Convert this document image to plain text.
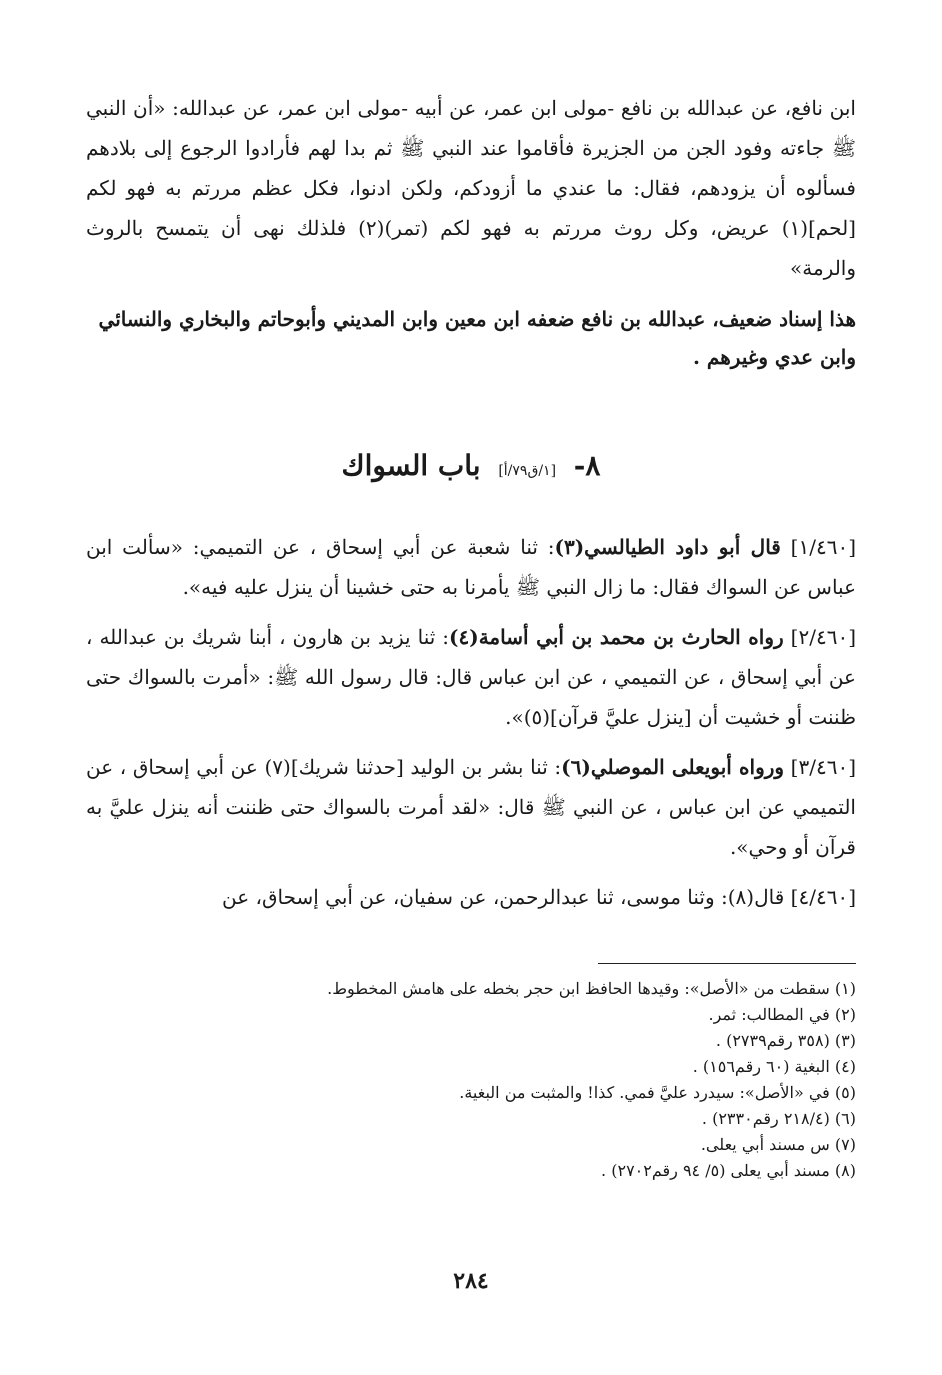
ابن نافع، عن عبدالله بن نافع -مولى ابن عمر، عن أبيه -مولى ابن عمر، عن عبدالله: «أن النبي ﷺ جاءته وفود الجن من الجزيرة فأقاموا عند النبي ﷺ ثم بدا لهم فأرادوا الرجوع إلى بلادهم فسألوه أن يزودهم، فقال: ما عندي ما أزودكم، ولكن ادنوا، فكل عظم مررتم به فهو لكم [لحم](١) عريض، وكل روث مررتم به فهو لكم (تمر)(٢) فلذلك نهى أن يتمسح بالروث والرمة»

هذا إسناد ضعيف، عبدالله بن نافع ضعفه ابن معين وابن المديني وأبوحاتم والبخاري والنسائي وابن عدي وغيرهم .

٨- [١/ق٧٩/أ] باب السواك

[١/٤٦٠] قال أبو داود الطيالسي(٣): ثنا شعبة عن أبي إسحاق ، عن التميمي: «سألت ابن عباس عن السواك فقال: ما زال النبي ﷺ يأمرنا به حتى خشينا أن ينزل عليه فيه».

[٢/٤٦٠] رواه الحارث بن محمد بن أبي أسامة(٤): ثنا يزيد بن هارون ، أبنا شريك بن عبدالله ، عن أبي إسحاق ، عن التميمي ، عن ابن عباس قال: قال رسول الله ﷺ: «أمرت بالسواك حتى ظننت أو خشيت أن [ينزل عليَّ قرآن](٥)».

[٣/٤٦٠] ورواه أبويعلى الموصلي(٦): ثنا بشر بن الوليد [حدثنا شريك](٧) عن أبي إسحاق ، عن التميمي عن ابن عباس ، عن النبي ﷺ قال: «لقد أمرت بالسواك حتى ظننت أنه ينزل عليَّ به قرآن أو وحي».

[٤/٤٦٠] قال(٨): وثنا موسى، ثنا عبدالرحمن، عن سفيان، عن أبي إسحاق، عن

(١) سقطت من «الأصل»: وقيدها الحافظ ابن حجر بخطه على هامش المخطوط.

(٢) في المطالب: ثمر.

(٣) (٣٥٨ رقم٢٧٣٩) .

(٤) البغية (٦٠ رقم١٥٦) .

(٥) في «الأصل»: سيدرد عليَّ فمي. كذا! والمثبت من البغية.

(٦) (٢١٨/٤ رقم٢٣٣٠) .

(٧) س مسند أبي يعلى.

(٨) مسند أبي يعلى (٥/ ٩٤ رقم٢٧٠٢) .

٢٨٤
